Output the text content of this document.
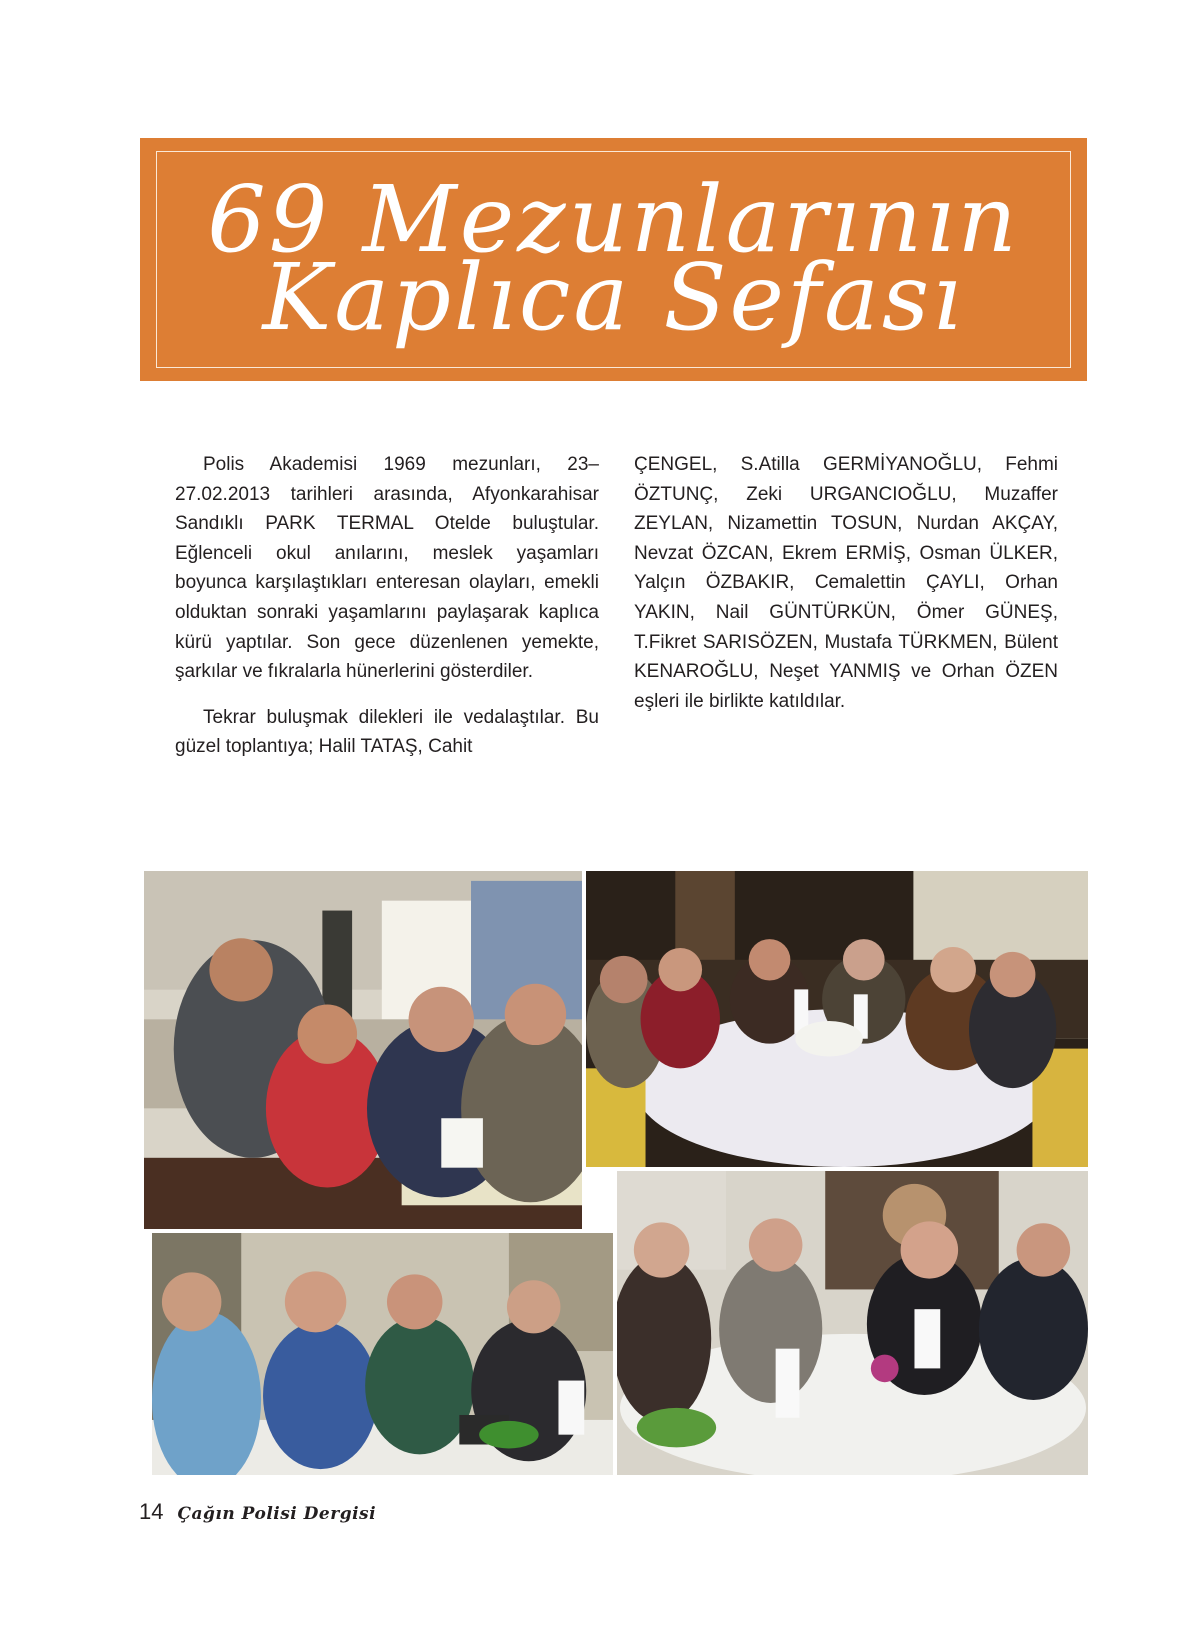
69 Mezunlarının
Kaplıca Sefası

Polis Akademisi 1969 mezunları, 23–27.02.2013 tarihleri arasında, Afyonkarahisar Sandıklı PARK TERMAL Otelde buluştular. Eğlenceli okul anılarını, meslek yaşamları boyunca karşılaştıkları enteresan olayları, emekli olduktan sonraki yaşamlarını paylaşarak kaplıca kürü yaptılar. Son gece düzenlenen yemekte, şarkılar ve fıkralarla hünerlerini gösterdiler.

Tekrar buluşmak dilekleri ile vedalaştılar. Bu güzel toplantıya; Halil TATAŞ, Cahit

ÇENGEL, S.Atilla GERMİYANOĞLU, Fehmi ÖZTUNÇ, Zeki URGANCIOĞLU, Muzaffer ZEYLAN, Nizamettin TOSUN, Nurdan AKÇAY, Nevzat ÖZCAN, Ekrem ERMİŞ, Osman ÜLKER, Yalçın ÖZBAKIR, Cemalettin ÇAYLI, Orhan YAKIN, Nail GÜNTÜRKÜN, Ömer GÜNEŞ, T.Fikret SARISÖZEN, Mustafa TÜRKMEN, Bülent KENAROĞLU, Neşet YANMIŞ ve Orhan ÖZEN eşleri ile birlikte katıldılar.

14 Çağın Polisi Dergisi
